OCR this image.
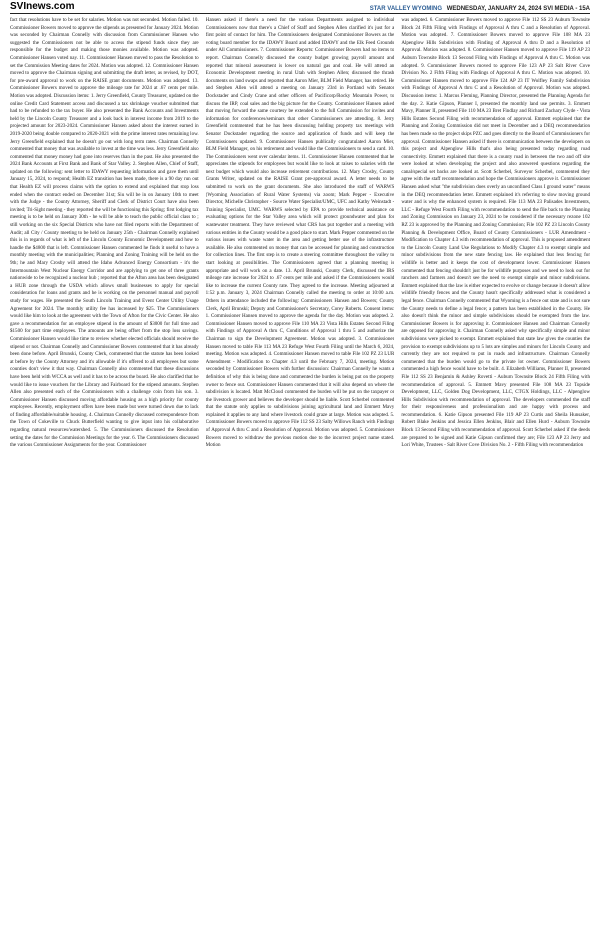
SVInews.com	STAR VALLEY WYOMING WEDNESDAY, JANUARY 24, 2024 SVI MEDIA - 15A

fact that resolutions have to be set for salaries. Motion was not seconded. Motion failed. 10. Commissioner Bowers moved to approve the stipends as presented for January 2024. Motion was seconded by Chairman Connelly with discussion from Commissioner Hansen who suggested the Commissioners not be able to access the stipend funds since they are responsible for the budget and making those monies available. Motion was adopted. Commissioner Hansen voted nay. 11. Commissioner Hansen moved to pass the Resolution to set the Commission Meeting dates for 2024. Motion was adopted. 12. Commissioner Hansen moved to approve the Chairman signing and submitting the draft letter, as revised, by DOT, for pre-award approval to work on the RAISE grant documents. Motion was adopted. 13. Commissioner Bowers moved to approve the mileage rate for 2024 at .67 cents per mile. Motion was adopted. Discussion items: 1. Jerry Greenfield, County Treasurer, updated on the online Credit Card Statement access and discussed a tax shrinkage voucher submitted that had to be refunded to the tax buyer. He also presented the Bank Accounts and Investments held by the Lincoln County Treasurer and a look back in interest income from 2019 to the projected amount for 2023-2024. Commissioner Hansen asked about the interest earned in 2019-2020 being double compared to 2020-2021 with the prime interest rates remaining low. Jerry Greenfield explained that he doesn't go out with long term rates. Chairman Connelly commented that money that was available to invest at the time was less. Jerry Greenfield also commented that money money had gone into reserves than in the past. He also presented the 2024 Bank Accounts at First Bank and Bank of Star Valley. 2. Stephen Allen, Chief of Staff, updated on the following: sent letter to IDAWY requesting information and gave them until January 15, 2024, to respond; Health EZ transition has been made, there is a 90 day run out that Health EZ will process claims with the option to extend and explained that stop loss ended when the contract ended on December 31st; Siu will be in on January 10th to meet with the Judge - the County Attorney, Sheriff and Clerk of District Court have also been invited; Tri-Sight meeting - they reported the will be functioning this Spring; first lodging tax meeting is to be held on January 30th - he will be able to teach the public official class to ; still working on the six Special Districts who have not filed reports with the Department of Audit; all City / County meeting to be held on January 25th - Chairman Connelly explained this is in regards of what is left of the Lincoln County Economic Development and how to handle the $4800 that is left. Commissioner Hansen commented he finds it useful to have a monthly meeting with the municipalities; Planning and Zoning Training will be held on the 9th; he and Mary Crosby will attend the Idaho Advanced Energy Consortium - it's the Intermountain West Nuclear Energy Corridor and are applying to get one of three grants nationwide to be recognized a nuclear hub ; reported that the Afton area has been designated a HUB zone through the USDA which allows small businesses to apply for special consideration for loans and grants and he is working on the personnel manual and payroll study for wages. He presented the South Lincoln Training and Event Center Utility Usage Agreement for 2024. The monthly utility fee has increased by $25. The Commissioners would like him to look at the agreement with the Town of Afton for the Civic Center. He also gave a recommendation for an employee stipend in the amount of $3000 for full time and $1500 for part time employees. The amounts are being offset from the stop loss savings. Commissioner Hansen would like time to review whether elected officials should receive the stipend or not. Chairman Connelly and Commissioner Bowers commented that it has already been done before. April Brunski, County Clerk, commented that the statute has been looked at before by the County Attorney and it's allowable if it's offered to all employees but some counties don't view it that way. Chairman Connelly also commented that these discussions have been held with WCCA as well and it has to be across the board. He also clarified that he would like to issue vouchers for the Library and Fairboard for the stipend amounts. Stephen Allen also presented each of the Commissioners with a challenge coin from his son. 3. Commissioner Hansen discussed moving affordable housing as a high priority for county employees. Recently, employment offers have been made but were turned down due to lack of finding affordable/suitable housing. 4. Chairman Connelly discussed correspondence from the Town of Cokeville to Chuck Butterfield wanting to give input into his collaborative regarding natural resources/watershed. 5. The Commissioners discussed the Resolution setting the dates for the Commission Meetings for the year. 6. The Commissioners discussed the various Commissioner Assignments for the year. Commissioner

Hansen asked if there's a need for the various Departments assigned to individual Commissioners now that there's a Chief of Staff and Stephen Allen clarified it's just for a first point of contact for him. The Commissioners designated Commissioner Bowers as the voting board member for the IDAWY Board and added IDAWY and the Elk Feed Grounds under All Commissioners. 7. Commissioner Reports: Commissioner Bowers had no items to report. Chairman Connelly discussed the county budget growing payroll amount and reported that mineral assessment is lower on natural gas and coal. He will attend an Economic Development meeting in rural Utah with Stephen Allen; discussed the thrash documents on land swaps and reported that Aaron Mier, BLM Field Manager, has retired. He and Stephen Allen will attend a meeting on January 23rd in Portland with Senator Dockstader and Cindy Crane and other officers of Pacificorp/Rocky Mountain Power, to discuss the IRP, coal sales and the big picture for the County. Commissioner Hansen asked that moving forward the same courtesy be extended to the full Commission for invites and information for conferences/seminars that other Commissioners are attending. 8. Jerry Greenfield commented that he has been discussing holding property tax meetings with Senator Dockstader regarding the source and application of funds and will keep the Commissioners updated. 9. Commissioner Hansen publically congratulated Aaron Mier, BLM Field Manager, on his retirement and would like the Commissioners to send a card. 10. The Commissioners went over calendar items. 11. Commissioner Hansen commented that he appreciates the stipends for employees but would like to look at raises to salaries with the next budget which would also increase retirement contributions. 12. Mary Crosby, County Grants Writer, updated on the RAISE Grant pre-approval award. A letter needs to be submitted to work on the grant documents. She also introduced the staff of WARWS (Wyoming Association of Rural Water Systems) via zoom; Mark Pepper - Executive Director, Michelle Christopher - Source Water Specialist/UMC, UFC and Kathy Weinstadt - Training Specialist, UMC. WARWS selected by EPA to provide technical assistance on evaluating options for the Star Valley area which will protect groundwater and plan for wastewater treatment. They have reviewed what CRS has put together and a meeting with various entities in the County would be a good place to start. Mark Pepper commented on the various issues with waste water in the area and getting better use of the infrastructure available. He also commented on money that can be accessed for planning and construction for collection lines. The first step is to create a steering committee throughout the valley to start looking at possibilities. The Commissioners agreed that a planning meeting is appropriate and will work on a date. 13. April Brunski, County Clerk, discussed the IRS mileage rate increase for 2024 to .67 cents per mile and asked if the Commissioners would like to increase the current County rate. They agreed to the increase. Meeting adjourned at 1:52 p.m. January 3, 2024 Chairman Connelly called the meeting to order at 10:00 a.m. Others in attendance included the following: Commissioners Hansen and Bowers; County Clerk, April Brunski; Deputy and Commissioner's Secretary, Corey Roberts. Consent items: 1. Commissioner Hansen moved to approve the agenda for the day. Motion was adopted. 2. Commissioner Hansen moved to approve File 110 MA 23 Vista Hills Estates Second Filing with Findings of Approval A thru C, Conditions of Approval 1 thru 5 and authorize the Chairman to sign the Development Agreement. Motion was adopted. 3. Commissioner Hansen moved to table File 113 MA 23 Refuge West Fourth Filing until the March 6, 2024, meeting. Motion was adopted. 4. Commissioner Hansen moved to table File 102 PZ 23 LUR Amendment - Modification to Chapter 4.3 until the February 7, 2024, meeting. Motion seconded by Commissioner Bowers with further discussion: Chairman Connelly he wants a definition of why this is being done and commented the burden is being put on the property owner to fence out. Commissioner Hansen commented that it will also depend on where the subdivision is located. Matt McCloud commented the burden will be put on the taxpayer or the livestock grower and believes the developer should be liable. Scott Scherbel commented that the statute only applies to subdivisions joining agricultural land and Emmett Mavy explained it applies to any land where livestock could graze at large. Motion was adopted. 5. Commissioner Bowers moved to approve File 112 SS 23 Salty Willows Ranch with Findings of Approval A thru C and a Resolution of Approval. Motion was adopted. 5. Commissioner Bowers moved to withdraw the previous motion due to the incorrect project name stated. Motion

was adopted. 6. Commissioner Bowers moved to approve File 112 SS 23 Auburn Townsite Block 24 Fifth Filing with Findings of Approval A thru C and a Resolution of Approval. Motion was adopted. 7. Commissioner Bowers moved to approve File 108 MA 23 Alpenglow Hills Subdivision with Finding of Approval A thru D and a Resolution of Approval. Motion was adopted. 8. Commissioner Hansen moved to approve File 119 AP 23 Auburn Townsite Block 13 Second Filing with Findings of Approval A thru C. Motion was adopted. 9. Commissioner Bowers moved to approve File 123 AP 23 Salt River Cove Division No. 2 Fifth Filing with Findings of Approval A thru C. Motion was adopted. 10. Commissioner Hansen moved to approve File 124 AP 23 IT Wolfley Family Subdivision with Findings of Approval A thru C and a Resolution of Approval. Motion was adopted. Discussion items: 1. Marcus Fleming, Planning Director, presented the Planning Agenda for the day. 2. Katie Gipson, Planner I, presented the monthly land use permits. 3. Emmett Mavy, Planner II, presented File 110 MA 23 Bret Findlay and Richard Zachary Clyde - Vista Hills Estates Second Filing with recommendation of approval. Emmett explained that the Planning and Zoning Commission did not meet in December and a DEQ recommendation has been made so the project skips PZC and goes directly to the Board of Commissioners for approval. Commissioner Hansen asked if there is communication between the developers on this project and Alpenglow Hills that's also being presented today regarding road connectivity. Emmett explained that there is a county road in between the two and off site were looked at when developing the project and also answered questions regarding the canal/special set backs are looked at. Scott Scherbel, Surveyor Scherbel, commented they agree with the staff recommendation and hope the Commissioners approve it. Commissioner Hansen asked what "the subdivision does overly an unconfined Class I ground water" means in the DEQ recommendation letter. Emmett explained it's referring to slow moving ground water and is why the enhanced system is required. File 113 MA 23 Palisades Investments, LLC - Refuge West Fourth Filing with recommendation to send the file back to the Planning and Zoning Commission on January 23, 2024 to be considered if the necessary rezone 102 RZ 23 is approved by the Planning and Zoning Commission; File 102 PZ 23 Lincoln County Planning & Development Office, Board of County Commissioners - LUR Amendment - Modification to Chapter 4.3 with recommendation of approval. This is proposed amendment to the Lincoln County Land Use Regulations to Modify Chapter 4.3 to exempt simple and minor subdivisions from the new state fencing law. He explained that less fencing for wildlife is better and it keeps the cost of development lower. Commissioner Hansen commented that fencing shouldn't just be for wildlife purposes and we need to look out for ranchers and farmers and doesn't see the need to exempt simple and minor subdivisions. Emmett explained that the law is either expected to evolve or change because it doesn't allow wildlife friendly fences and the County hasn't specifically addressed what is considered a legal fence. Chairman Connelly commented that Wyoming is a fence out state and is not sure the County needs to define a legal fence; a pattern has been established in the County. He also doesn't think the minor and simple subdivisions should be exempted from the law. Commissioner Bowers is for approving it. Commissioner Hansen and Chairman Connelly are opposed for approving it. Chairman Connelly asked why specifically simple and minor subdivisions were picked to exempt. Emmett explained that state law gives the counties the provision to exempt subdivisions up to 5 lots are simples and minors for Lincoln County and currently they are not required to put in roads and infrastructure. Chairman Connelly commented that the burden would go to the private lot owner. Commissioner Bowers commented a high fence would have to be built. 4. Elizabeth Williams, Planner II, presented File 112 SS 23 Benjamin & Ashley Rovetti - Auburn Townsite Block 24 Fifth Filing with recommendation of approval. 5. Emmett Mavy presented File 108 MA 23 Topside Development, LLC, Golden Dog Development, LLC, CTGX Holdings, LLC - Alpenglow Hills Subdivision with recommendation of approval. The developers commended the staff for their responsiveness and professionalism and are happy with process and recommendation. 6. Katie Gipson presented File 119 AP 23 Curtis and Sheila Hunsaker, Robert Blake Jenkins and Jessica Ellen Jenkins, Blair and Ellen Hurd - Auburn Townsite Block 13 Second Filing with recommendation of approval. Scott Scherbel asked if the deeds are prepared to be signed and Katie Gipson confirmed they are; File 123 AP 23 Jerry and Lori White, Trustees - Salt River Cove Division No. 2 - Fifth Filing with recommendation
